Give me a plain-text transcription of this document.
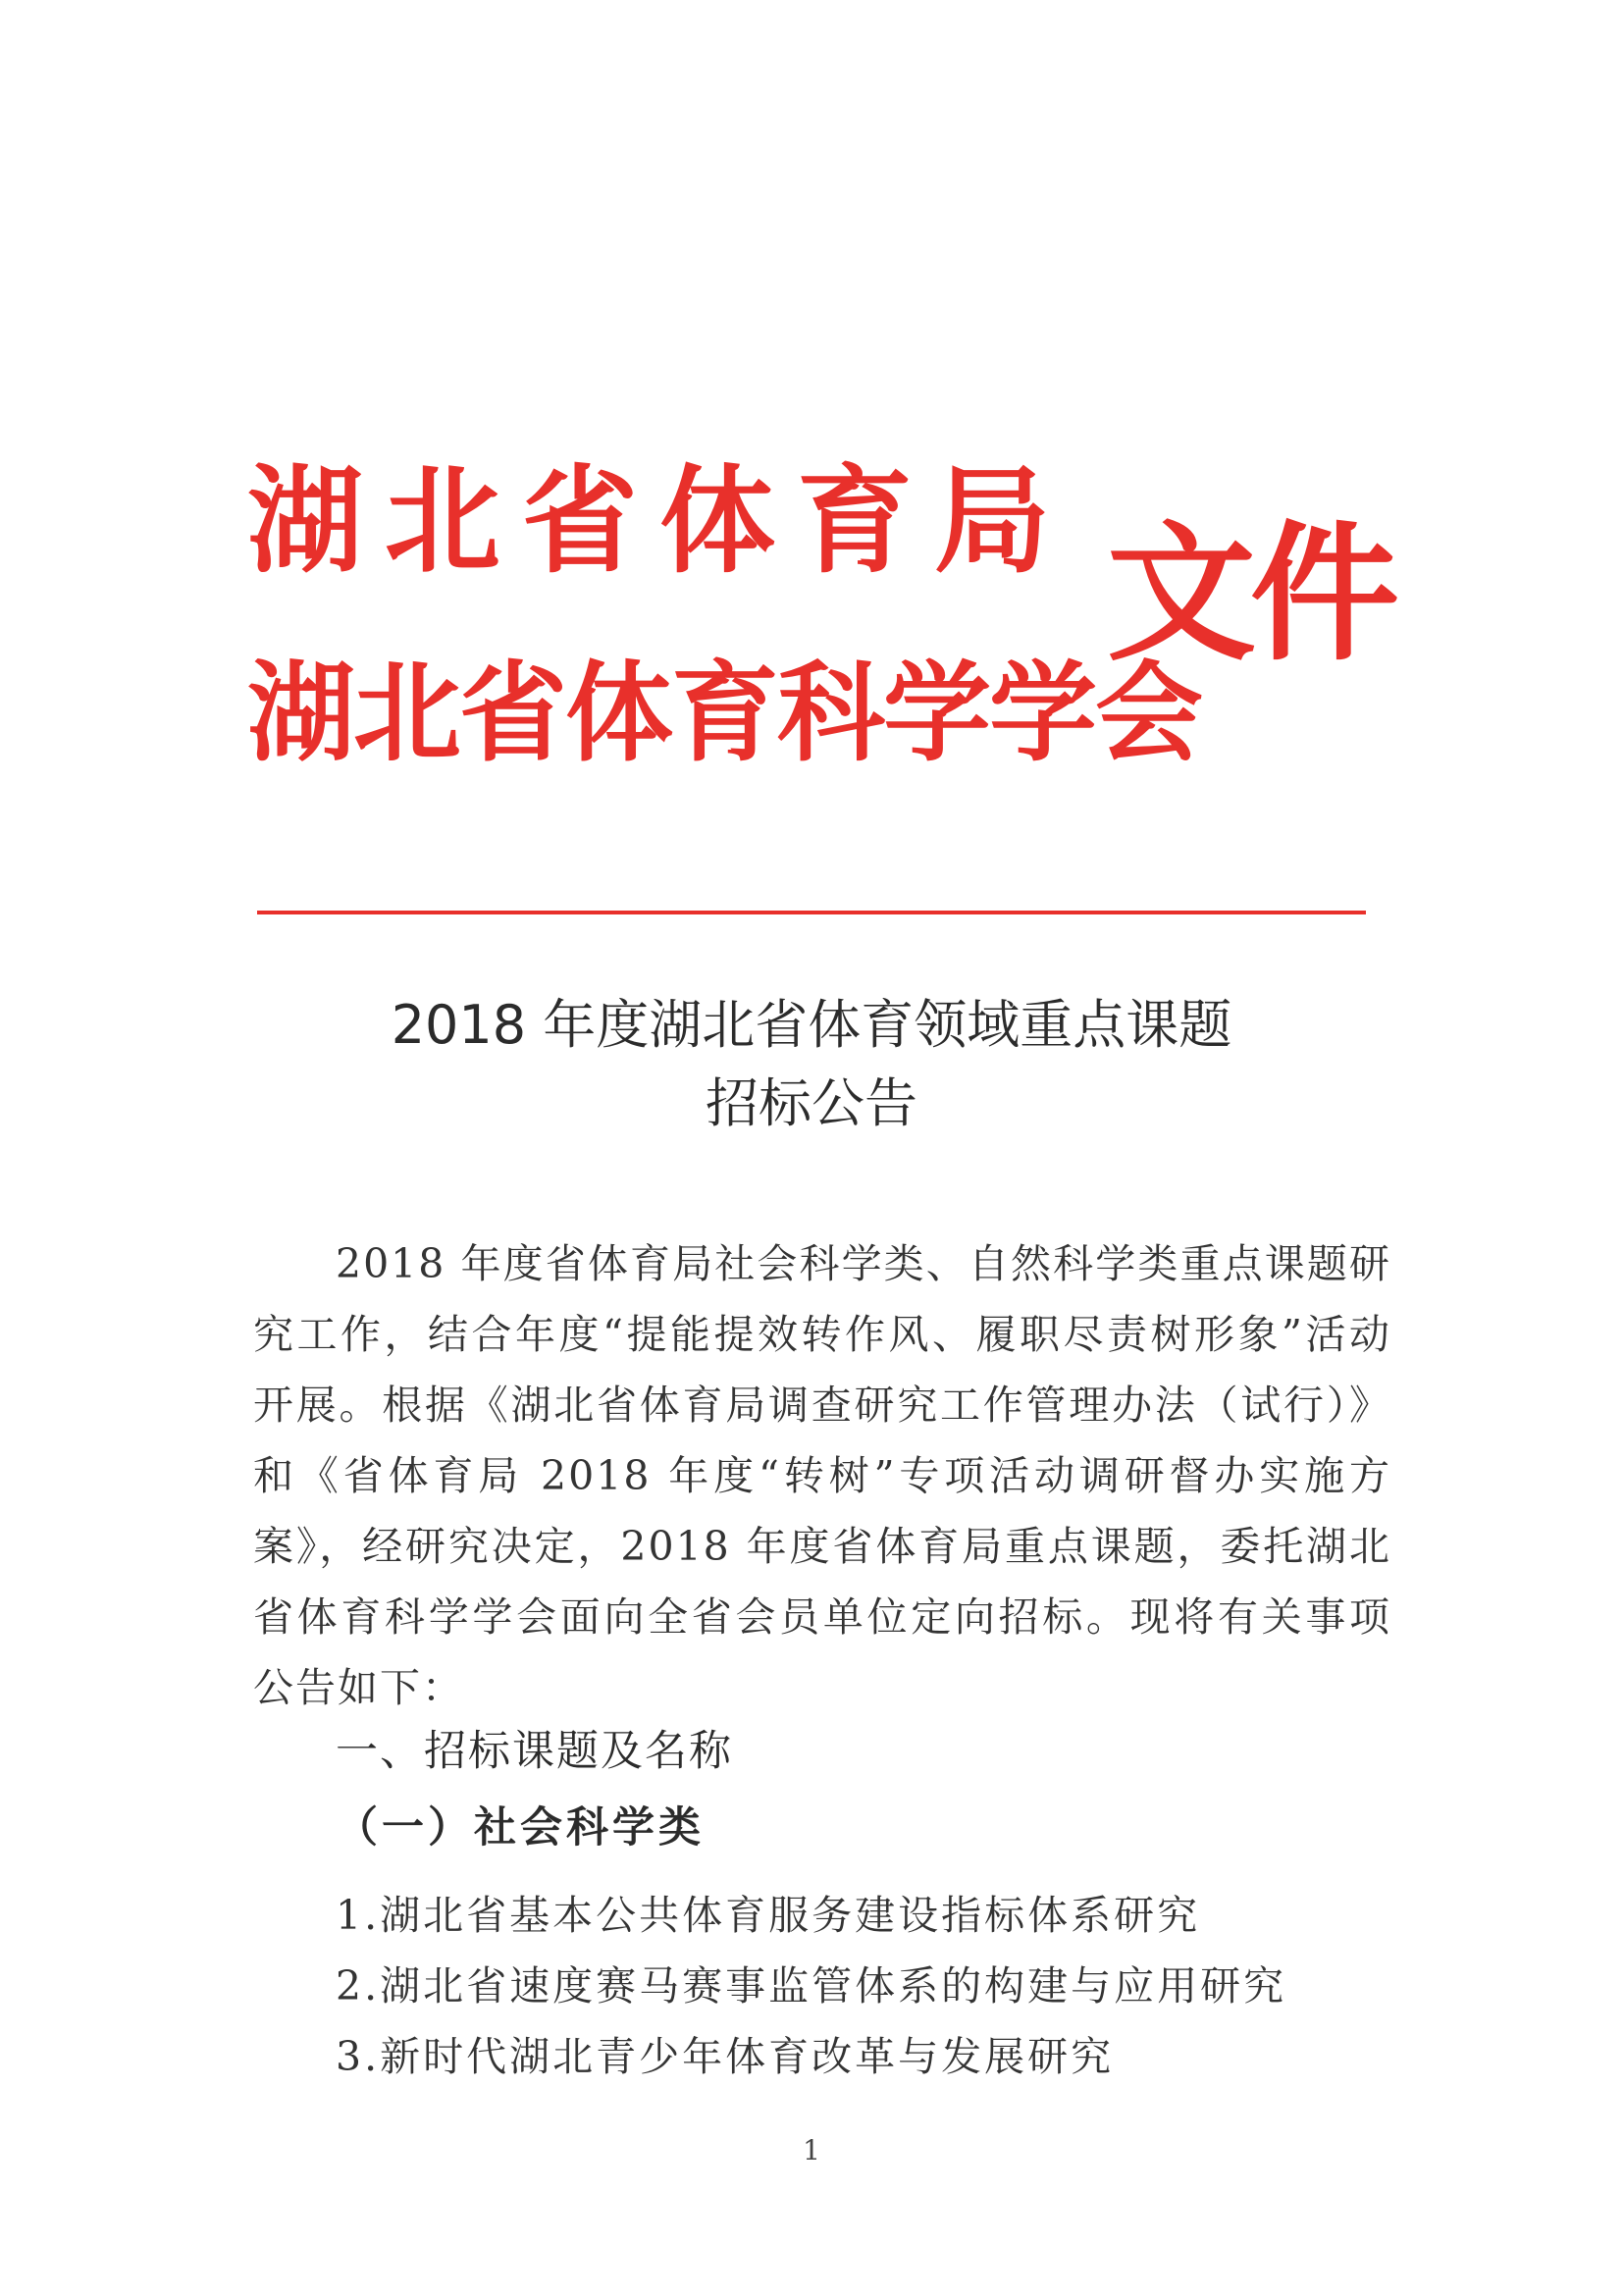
湖北省体育局
湖北省体育科学学会
文件
2018 年度湖北省体育领域重点课题
招标公告

2018 年度省体育局社会科学类、自然科学类重点课题研究工作，结合年度“提能提效转作风、履职尽责树形象”活动开展。根据《湖北省体育局调查研究工作管理办法（试行）》和《省体育局 2018 年度“转树”专项活动调研督办实施方案》，经研究决定，2018 年度省体育局重点课题，委托湖北省体育科学学会面向全省会员单位定向招标。现将有关事项公告如下：

一、招标课题及名称
（一）社会科学类
1.湖北省基本公共体育服务建设指标体系研究
2.湖北省速度赛马赛事监管体系的构建与应用研究
3.新时代湖北青少年体育改革与发展研究
1
